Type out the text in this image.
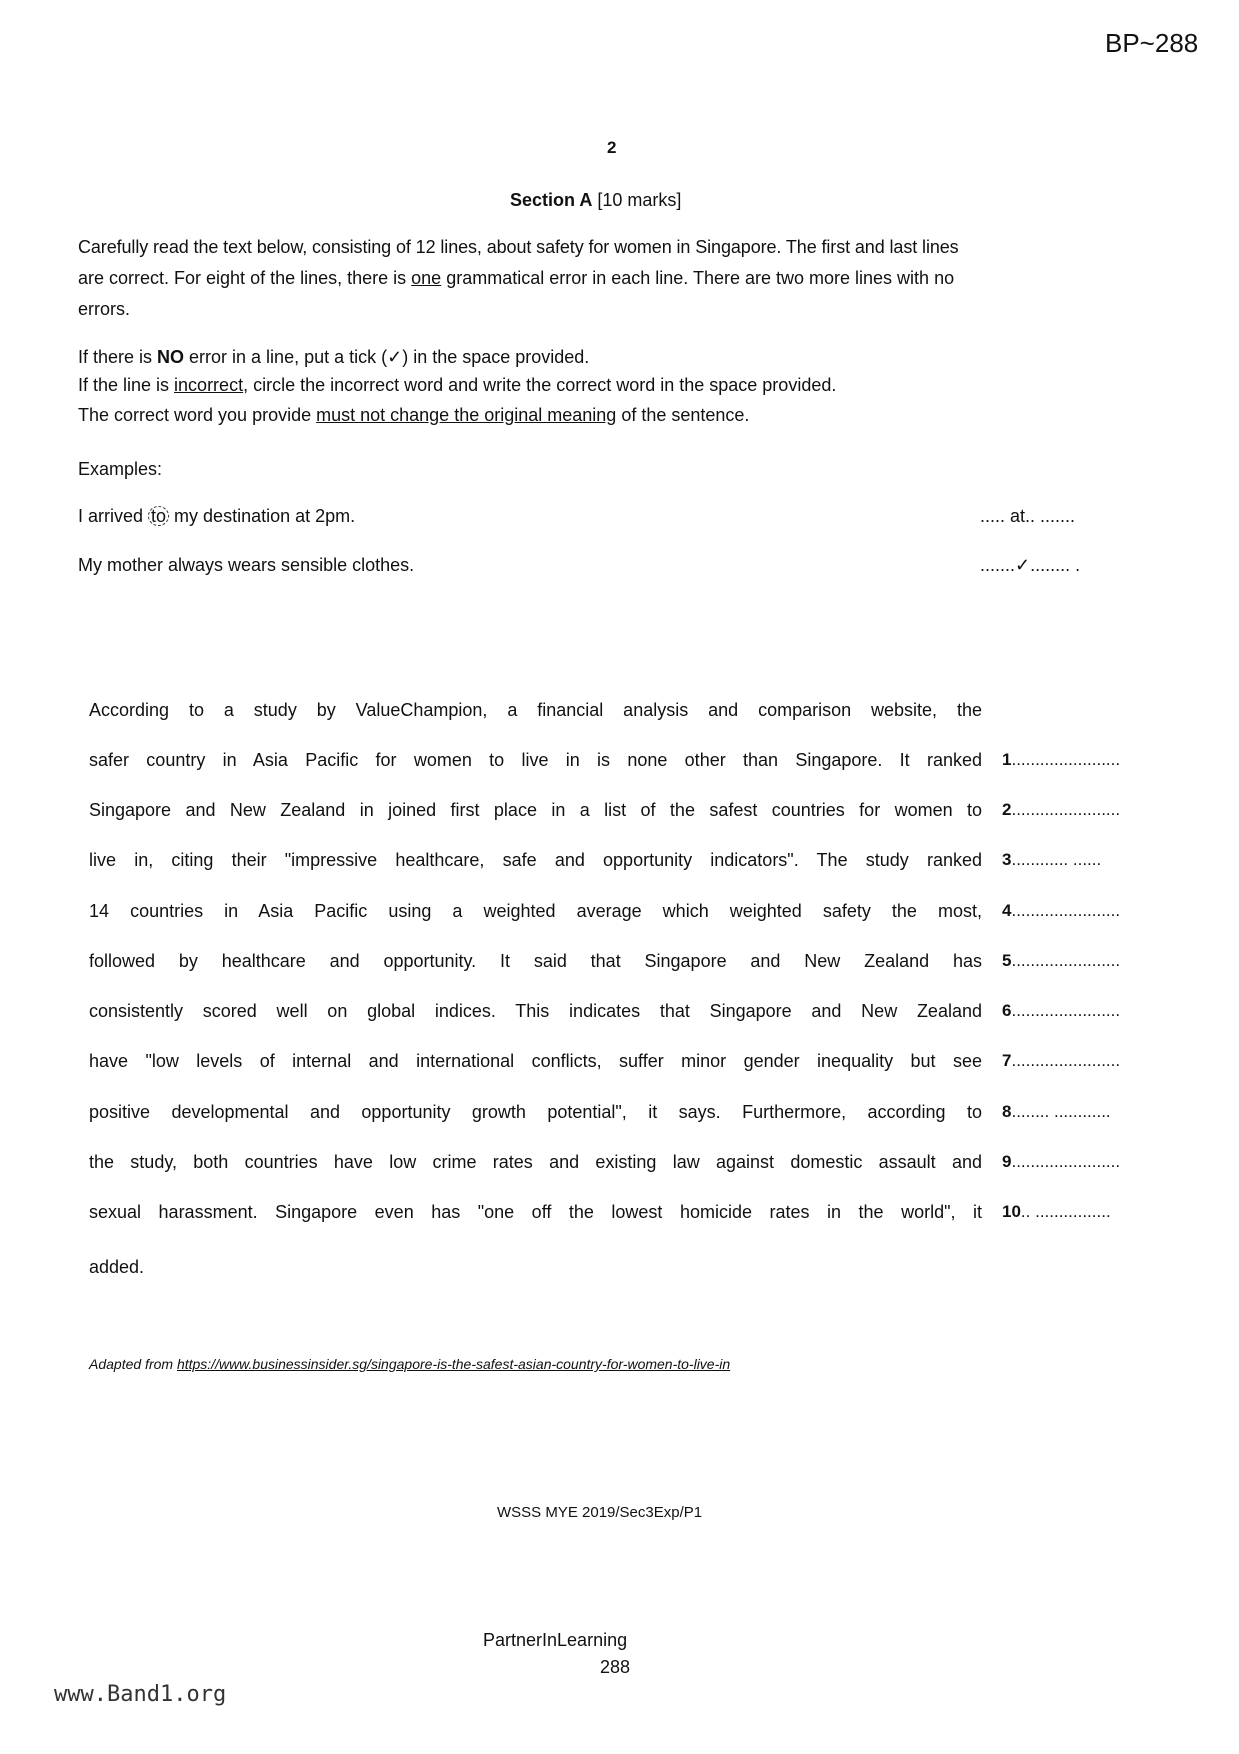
BP~288
2
Section A [10 marks]
Carefully read the text below, consisting of 12 lines, about safety for women in Singapore. The first and last lines
are correct. For eight of the lines, there is one grammatical error in each line. There are two more lines with no
errors.
If there is NO error in a line, put a tick (✓) in the space provided.
If the line is incorrect, circle the incorrect word and write the correct word in the space provided.
The correct word you provide must not change the original meaning of the sentence.
Examples:
I arrived to my destination at 2pm.	..... at.. .......
My mother always wears sensible clothes.	.......✓........ .
According to a study by ValueChampion, a financial analysis and comparison website, the
safer country in Asia Pacific for women to live in is none other than Singapore. It ranked 1.......................
Singapore and New Zealand in joined first place in a list of the safest countries for women to 2.......................
live in, citing their "impressive healthcare, safe and opportunity indicators". The study ranked 3............ ......
14 countries in Asia Pacific using a weighted average which weighted safety the most, 4.......................
followed by healthcare and opportunity. It said that Singapore and New Zealand has 5.......................
consistently scored well on global indices. This indicates that Singapore and New Zealand 6.......................
have "low levels of internal and international conflicts, suffer minor gender inequality but see 7.......................
positive developmental and opportunity growth potential", it says. Furthermore, according to 8........ ............
the study, both countries have low crime rates and existing law against domestic assault and 9.......................
sexual harassment. Singapore even has "one off the lowest homicide rates in the world", it 10.. ................
added.
Adapted from https://www.businessinsider.sg/singapore-is-the-safest-asian-country-for-women-to-live-in
WSSS MYE 2019/Sec3Exp/P1
PartnerInLearning
288
www.Band1.org
